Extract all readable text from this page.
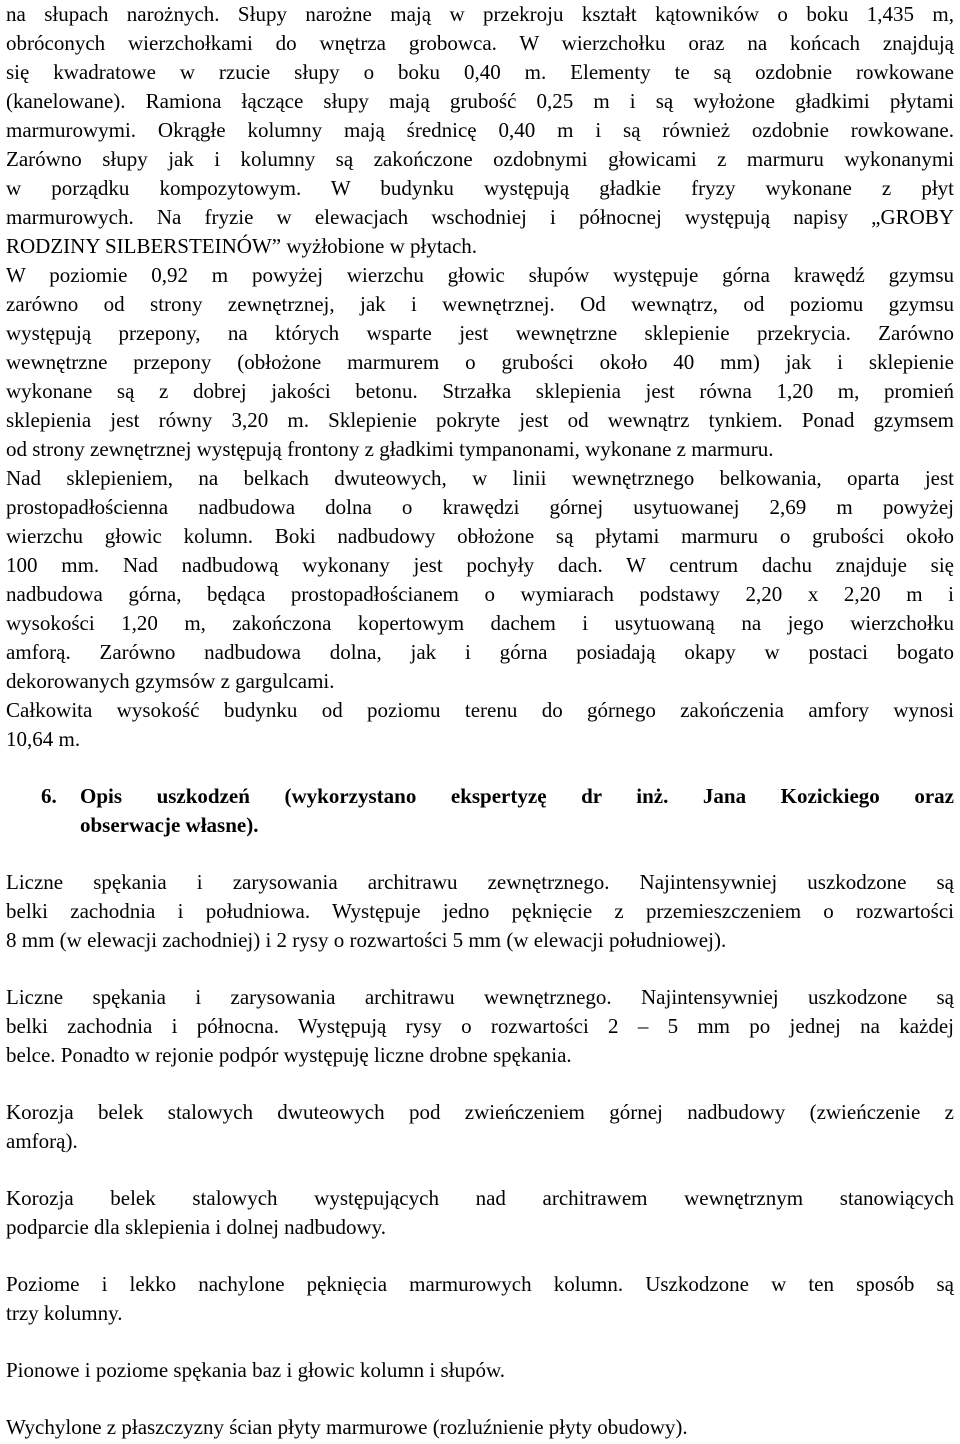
na słupach narożnych. Słupy narożne mają w przekroju kształt kątowników o boku 1,435 m,
obróconych wierzchołkami do wnętrza grobowca. W wierzchołku oraz na końcach znajdują
się kwadratowe w rzucie słupy o boku 0,40 m. Elementy te są ozdobnie rowkowane
(kanelowane). Ramiona łączące słupy mają grubość 0,25 m i są wyłożone gładkimi płytami
marmurowymi. Okrągłe kolumny mają średnicę 0,40 m i są również ozdobnie rowkowane.
Zarówno słupy jak i kolumny są zakończone ozdobnymi głowicami z marmuru wykonanymi
w porządku kompozytowym. W budynku występują gładkie fryzy wykonane z płyt
marmurowych. Na fryzie w elewacjach wschodniej i północnej występują napisy „GROBY
RODZINY SILBERSTEINÓW” wyżłobione w płytach.
W poziomie 0,92 m powyżej wierzchu głowic słupów występuje górna krawędź gzymsu
zarówno od strony zewnętrznej, jak i wewnętrznej. Od wewnątrz, od poziomu gzymsu
występują przepony, na których wsparte jest wewnętrzne sklepienie przekrycia. Zarówno
wewnętrzne przepony (obłożone marmurem o grubości około 40 mm) jak i sklepienie
wykonane są z dobrej jakości betonu. Strzałka sklepienia jest równa 1,20 m, promień
sklepienia jest równy 3,20 m. Sklepienie pokryte jest od wewnątrz tynkiem. Ponad gzymsem
od strony zewnętrznej występują frontony z gładkimi tympanonami, wykonane z marmuru.
Nad sklepieniem, na belkach dwuteowych, w linii wewnętrznego belkowania, oparta jest
prostopadłościenna nadbudowa dolna o krawędzi górnej usytuowanej 2,69 m powyżej
wierzchu głowic kolumn. Boki nadbudowy obłożone są płytami marmuru o grubości około
100 mm. Nad nadbudową wykonany jest pochyły dach. W centrum dachu znajduje się
nadbudowa górna, będąca prostopadłościanem o wymiarach podstawy 2,20 x 2,20 m i
wysokości 1,20 m, zakończona kopertowym dachem i usytuowaną na jego wierzchołku
amforą. Zarówno nadbudowa dolna, jak i górna posiadają okapy w postaci bogato
dekorowanych gzymsów z gargulcami.
Całkowita wysokość budynku od poziomu terenu do górnego zakończenia amfory wynosi
10,64 m.
6. Opis uszkodzeń (wykorzystano ekspertyzę dr inż. Jana Kozickiego oraz
obserwacje własne).
Liczne spękania i zarysowania architrawu zewnętrznego. Najintensywniej uszkodzone są
belki zachodnia i południowa. Występuje jedno pęknięcie z przemieszczeniem o rozwartości
8 mm (w elewacji zachodniej) i 2 rysy o rozwartości 5 mm (w elewacji południowej).
Liczne spękania i zarysowania architrawu wewnętrznego. Najintensywniej uszkodzone są
belki zachodnia i północna. Występują rysy o rozwartości 2 – 5 mm po jednej na każdej
belce. Ponadto w rejonie podpór występuję liczne drobne spękania.
Korozja belek stalowych dwuteowych pod zwieńczeniem górnej nadbudowy (zwieńczenie z
amforą).
Korozja belek stalowych występujących nad architrawem wewnętrznym stanowiących
podparcie dla sklepienia i dolnej nadbudowy.
Poziome i lekko nachylone pęknięcia marmurowych kolumn. Uszkodzone w ten sposób są
trzy kolumny.
Pionowe i poziome spękania baz i głowic kolumn i słupów.
Wychylone z płaszczyzny ścian płyty marmurowe (rozluźnienie płyty obudowy).
